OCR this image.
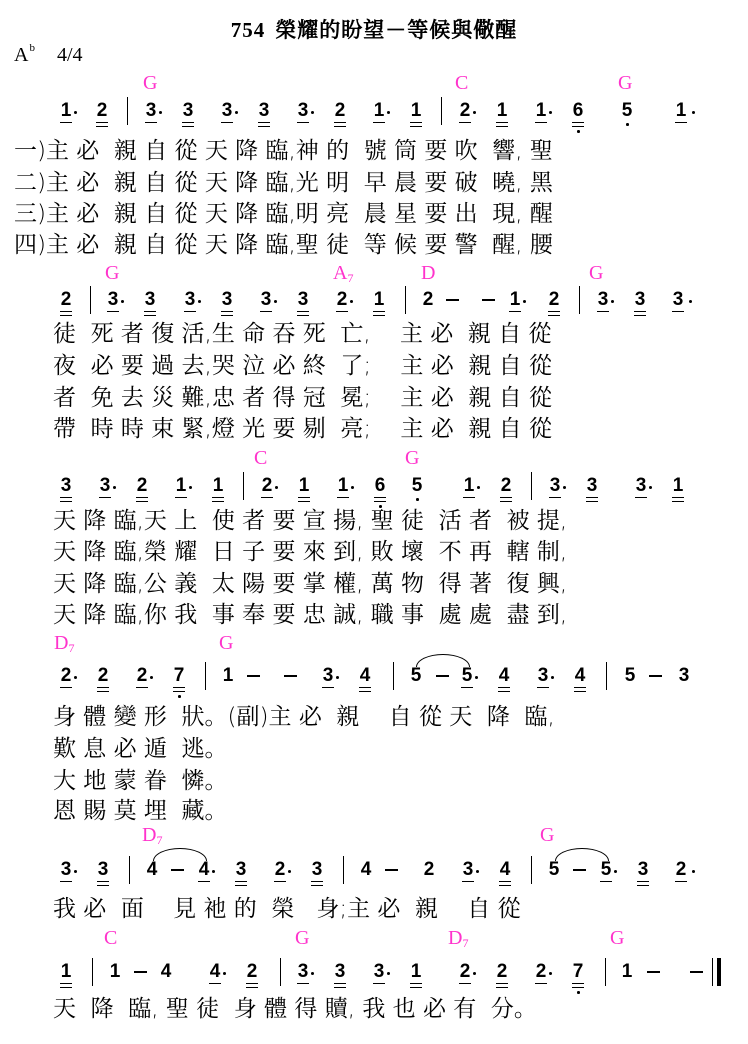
754 榮耀的盼望－等候與儆醒
$A^b$ 4/4
G	C	G
1 2 3 3 3 3 3 2 1 1 2 1 1 6 5 1
一)主 必  親 自 從 天 降 臨,神 的  號 筒 要 吹  響, 聖
二)主 必  親 自 從 天 降 臨,光 明  早 晨 要 破  曉, 黑
三)主 必  親 自 從 天 降 臨,明 亮  晨 星 要 出  現, 醒
四)主 必  親 自 從 天 降 臨,聖 徒  等 候 要 警  醒, 腰
G	$A_7$	D	G
2 3 3 3 3 3 3 2 1 2	1 2 3 3 3
徒  死 者 復 活,生 命 吞 死  亡,    主 必  親 自 從
夜  必 要 過 去,哭 泣 必 終  了;    主 必  親 自 從
者  免 去 災 難,忠 者 得 冠  冕;    主 必  親 自 從
帶  時 時 束 緊,燈 光 要 剔  亮;    主 必  親 自 從
C	G
3 3 2 1 1 2 1 1 6 5 1 2 3 3 3 1
天 降 臨,天 上  使 者 要 宣 揚, 聖 徒  活 者  被 提,
天 降 臨,榮 耀  日 子 要 來 到, 敗 壞  不 再  轄 制,
天 降 臨,公 義  太 陽 要 掌 權, 萬 物  得 著  復 興,
天 降 臨,你 我  事 奉 要 忠 誠, 職 事  處 處  盡 到,
$D_7$	G
2 2 2 7 1	3 4 5 5 4 3 4 5 3
身 體 變 形  狀。(副)主 必  親    自 從 天  降  臨,
歎 息 必 遁  逃。
大 地 蒙 眷  憐。
恩 賜 莫 埋  藏。
$D_7$	G
3 3 4 4 3 2 3 4	2 3 4 5 5 3 2
我 必  面    見 祂 的  榮   身;主 必  親    自 從
C	G	$D_7$	G
1 1 4 4 2 3 3 3 1 2 2 2 7 1
天  降  臨, 聖 徒  身 體 得 贖, 我 也 必 有  分。
